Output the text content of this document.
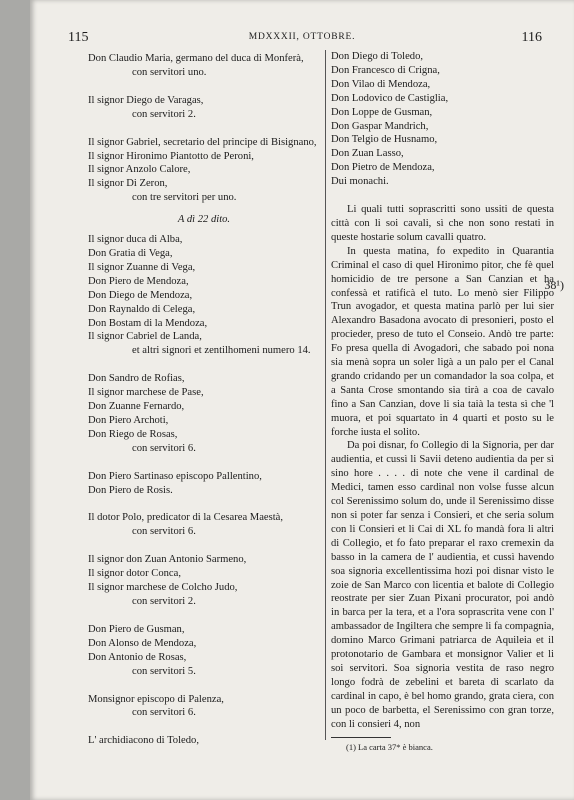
115	MDXXXII, OTTOBRE.	116
Don Claudio Maria, germano del duca di Monferà,
con servitori uno.
Il signor Diego de Varagas,
con servitori 2.
Il signor Gabriel, secretario del principe di Bisignano,
Il signor Hironimo Piantotto de Peroni,
Il signor Anzolo Calore,
Il signor Di Zeron,
con tre servitori per uno.
A dì 22 dito.
Il signor duca di Alba,
Don Gratia di Vega,
Il signor Zuanne di Vega,
Don Piero de Mendoza,
Don Diego de Mendoza,
Don Raynaldo di Celega,
Don Bostam di la Mendoza,
Il signor Cabriel de Landa,
et altri signori et zentilhomeni numero 14.
Don Sandro de Rofias,
Il signor marchese de Pase,
Don Zuanne Fernardo,
Don Piero Archoti,
Don Riego de Rosas,
con servitori 6.
Don Piero Sartinaso episcopo Pallentino,
Don Piero de Rosis.
Il dotor Polo, predicator di la Cesarea Maestà,
con servitori 6.
Il signor don Zuan Antonio Sarmeno,
Il signor dotor Conca,
Il signor marchese de Colcho Judo,
con servitori 2.
Don Piero de Gusman,
Don Alonso de Mendoza,
Don Antonio de Rosas,
con servitori 5.
Monsignor episcopo di Palenza,
con servitori 6.
L' archidiacono di Toledo,
Don Diego di Toledo,
Don Francesco di Crigna,
Don Vilao di Mendoza,
Don Lodovico de Castiglia,
Don Loppe de Gusman,
Don Gaspar Mandrich,
Don Telgio de Husnamo,
Don Zuan Lasso,
Don Pietro de Mendoza,
Dui monachi.
Li quali tutti soprascritti sono ussiti de questa città con li soi cavali, sì che non sono restati in queste hostarie solum cavalli quatro.
In questa matina, fo expedito in Quarantia Criminal el caso di quel Hironimo pitor, che fè quel homicidio de tre persone a San Canzian et ha confessà et ratificà el tuto. Lo menò sier Filippo Trun avogador, et questa matina parlò per lui sier Alexandro Basadona avocato di presonieri, posto el procieder, preso de tuto el Conseio. Andò tre parte: Fo presa quella di Avogadori, che sabado poi nona sia menà sopra un soler ligà a un palo per el Canal grando cridando per un comandador la soa colpa, et a Santa Crose smontando sia tirà a coa de cavalo fino a San Canzian, dove li sia taià la testa sì che 'l muora, et poi squartato in 4 quarti et posto su le forche iusta el solito.
Da poi disnar, fo Collegio di la Signoria, per dar audientia, et cussì li Savii deteno audientia da per sì sino hore . . . . di note che vene il cardinal de Medici, tamen esso cardinal non volse fusse alcun col Serenissimo solum do, unde il Serenissimo disse non si poter far senza i Consieri, et che seria solum con li Consieri et li Cai di XL fo mandà fora li altri di Collegio, et fo fato preparar el raxo cremexin da basso in la camera de l' audientia, et cussì havendo soa signoria excellentissima hozi poi disnar visto le zoie de San Marco con licentia et balote di Collegio reostrate per sier Zuan Pixani procurator, poi andò in barca per la tera, et a l'ora soprascrita vene con l' ambassador de Ingiltera che sempre li fa compagnia, domino Marco Grimani patriarca de Aquileia et il protonotario de Gambara et monsignor Valier et li soi servitori. Soa signoria vestita de raso negro longo fodrà de zebelini et bareta di scarlato da cardinal in capo, è bel homo grando, grata ciera, con un poco de barbetta, el Serenissimo con gran torze, con li consieri 4, non
38¹)
(1) La carta 37* è bianca.
